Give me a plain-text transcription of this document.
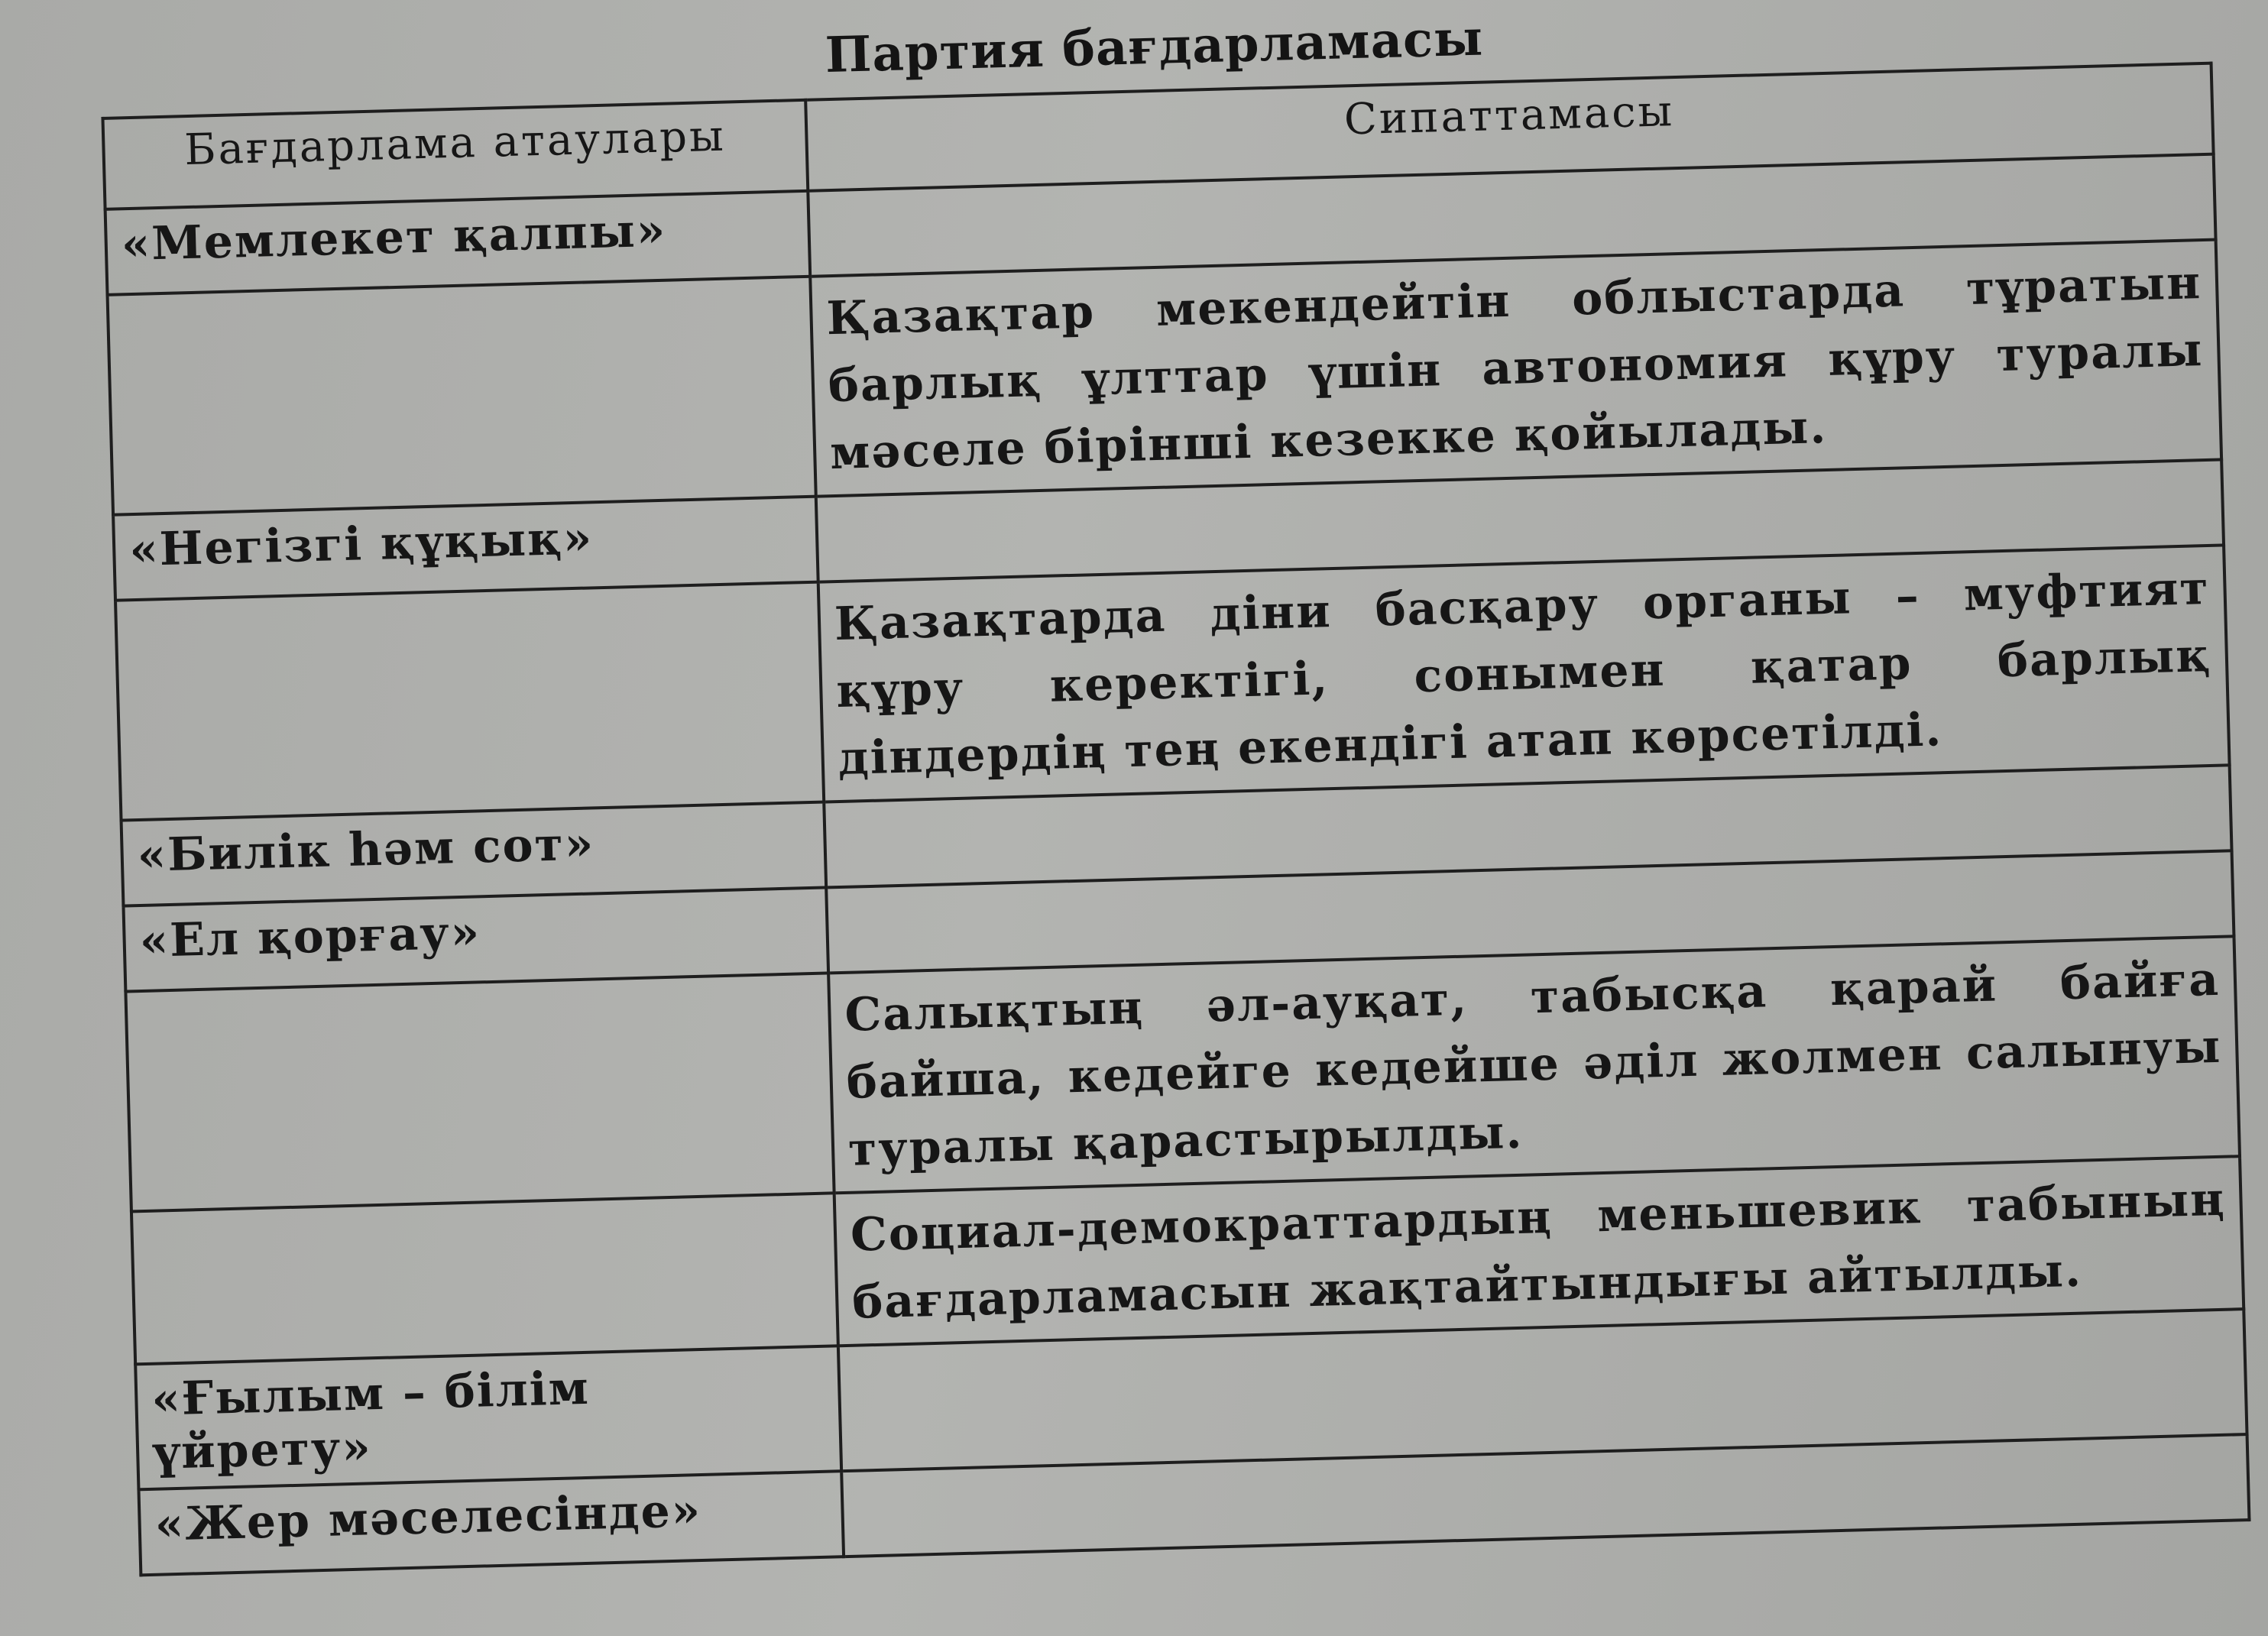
Партия бағдарламасы
Бағдарлама атаулары	Сипаттамасы
«Мемлекет қалпы»	
	Қазақтар мекендейтін облыстарда тұратын барлық ұлттар үшін автономия құру туралы мәселе бірінші кезекке қойылады.
«Негізгі құқық»	
	Қазақтарда діни басқару органы – муфтият құру керектігі, сонымен қатар барлық діндердің тең екендігі атап көрсетілді.
«Билік һәм сот»	
«Ел қорғау»	
	Салықтың әл-ауқат, табысқа қарай байға байша, кедейге кедейше әділ жолмен салынуы туралы қарастырылды.
	Социал-демократтардың меньшевик табының бағдарламасын жақтайтындығы айтылды.
«Ғылым – білім үйрету»	
«Жер мәселесінде»	
